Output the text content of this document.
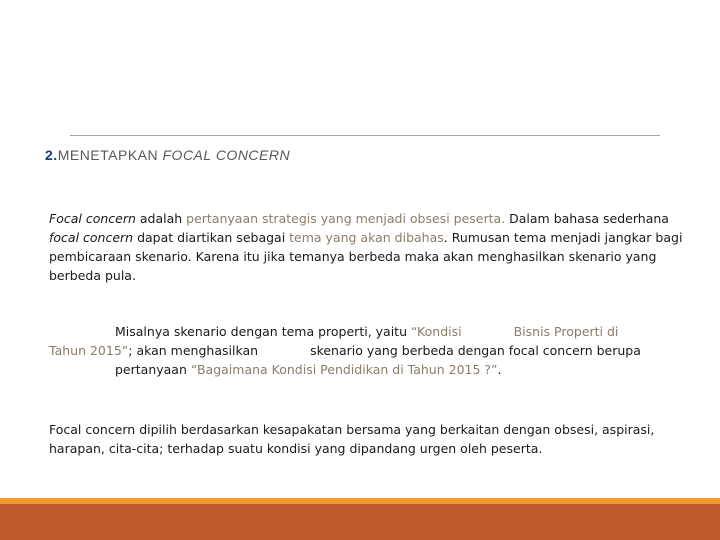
2.MENETAPKAN FOCAL CONCERN
Focal concern adalah pertanyaan strategis yang menjadi obsesi peserta. Dalam bahasa sederhana focal concern dapat diartikan sebagai tema yang akan dibahas. Rumusan tema menjadi jangkar bagi pembicaraan skenario. Karena itu jika temanya berbeda maka akan menghasilkan skenario yang berbeda pula.
Misalnya skenario dengan tema properti, yaitu “Kondisi	Bisnis Properti di
Tahun 2015”; akan menghasilkan	skenario yang berbeda dengan focal concern berupa
pertanyaan “Bagaimana Kondisi Pendidikan di Tahun 2015 ?”.
Focal concern dipilih berdasarkan kesapakatan bersama yang berkaitan dengan obsesi, aspirasi, harapan, cita-cita; terhadap suatu kondisi yang dipandang urgen oleh peserta.
